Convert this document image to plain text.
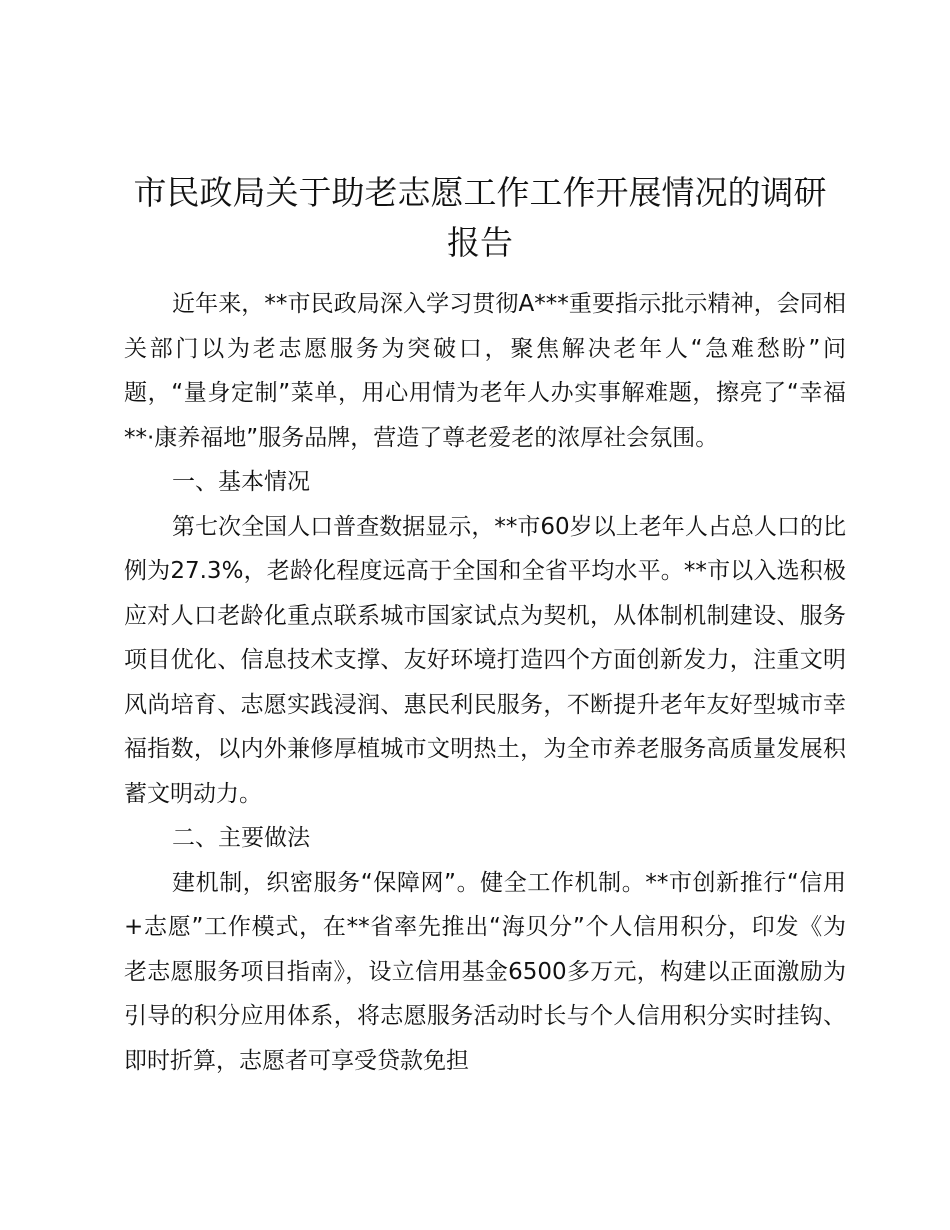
市民政局关于助老志愿工作工作开展情况的调研报告

近年来，**市民政局深入学习贯彻A***重要指示批示精神，会同相关部门以为老志愿服务为突破口，聚焦解决老年人“急难愁盼”问题，“量身定制”菜单，用心用情为老年人办实事解难题，擦亮了“幸福**·康养福地”服务品牌，营造了尊老爱老的浓厚社会氛围。

一、基本情况

第七次全国人口普查数据显示，**市60岁以上老年人占总人口的比例为27.3%，老龄化程度远高于全国和全省平均水平。**市以入选积极应对人口老龄化重点联系城市国家试点为契机，从体制机制建设、服务项目优化、信息技术支撑、友好环境打造四个方面创新发力，注重文明风尚培育、志愿实践浸润、惠民利民服务，不断提升老年友好型城市幸福指数，以内外兼修厚植城市文明热土，为全市养老服务高质量发展积蓄文明动力。

二、主要做法

建机制，织密服务“保障网”。健全工作机制。**市创新推行“信用+志愿”工作模式，在**省率先推出“海贝分”个人信用积分，印发《为老志愿服务项目指南》，设立信用基金6500多万元，构建以正面激励为引导的积分应用体系，将志愿服务活动时长与个人信用积分实时挂钩、即时折算，志愿者可享受贷款免担
